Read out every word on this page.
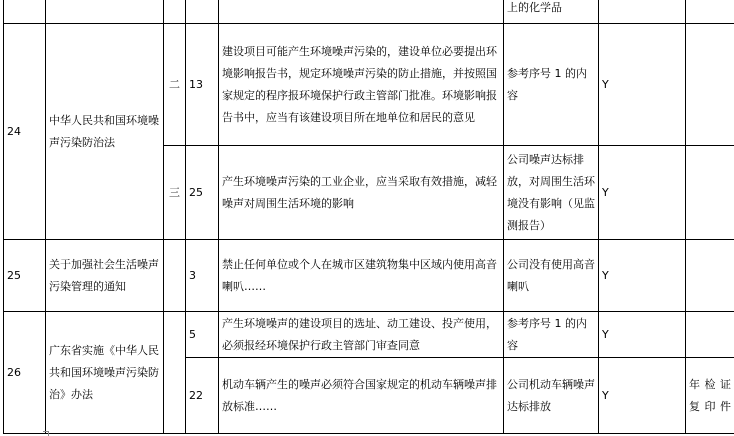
					上的化学品		
24	中华人民共和国环境噪声污染防治法	二	13	建设项目可能产生环境噪声污染的，建设单位必要提出环境影响报告书，规定环境噪声污染的防止措施，并按照国家规定的程序报环境保护行政主管部门批准。环境影响报告书中，应当有该建设项目所在地单位和居民的意见	参考序号 1 的内容	Y	
		三	25	产生环境噪声污染的工业企业，应当采取有效措施，减轻噪声对周围生活环境的影响	公司噪声达标排放，对周围生活环境没有影响（见监测报告）	Y	
25	关于加强社会生活噪声污染管理的通知		3	禁止任何单位或个人在城市区建筑物集中区域内使用高音喇叭……	公司没有使用高音喇叭	Y	
26	广东省实施《中华人民共和国环境噪声污染防治》办法		5	产生环境噪声的建设项目的选址、动工建设、投产使用，必须报经环境保护行政主管部门审查同意	参考序号 1 的内容	Y	
			22	机动车辆产生的噪声必须符合国家规定的机动车辆噪声排放标准……	公司机动车辆噪声达标排放	Y	年检证复印件
